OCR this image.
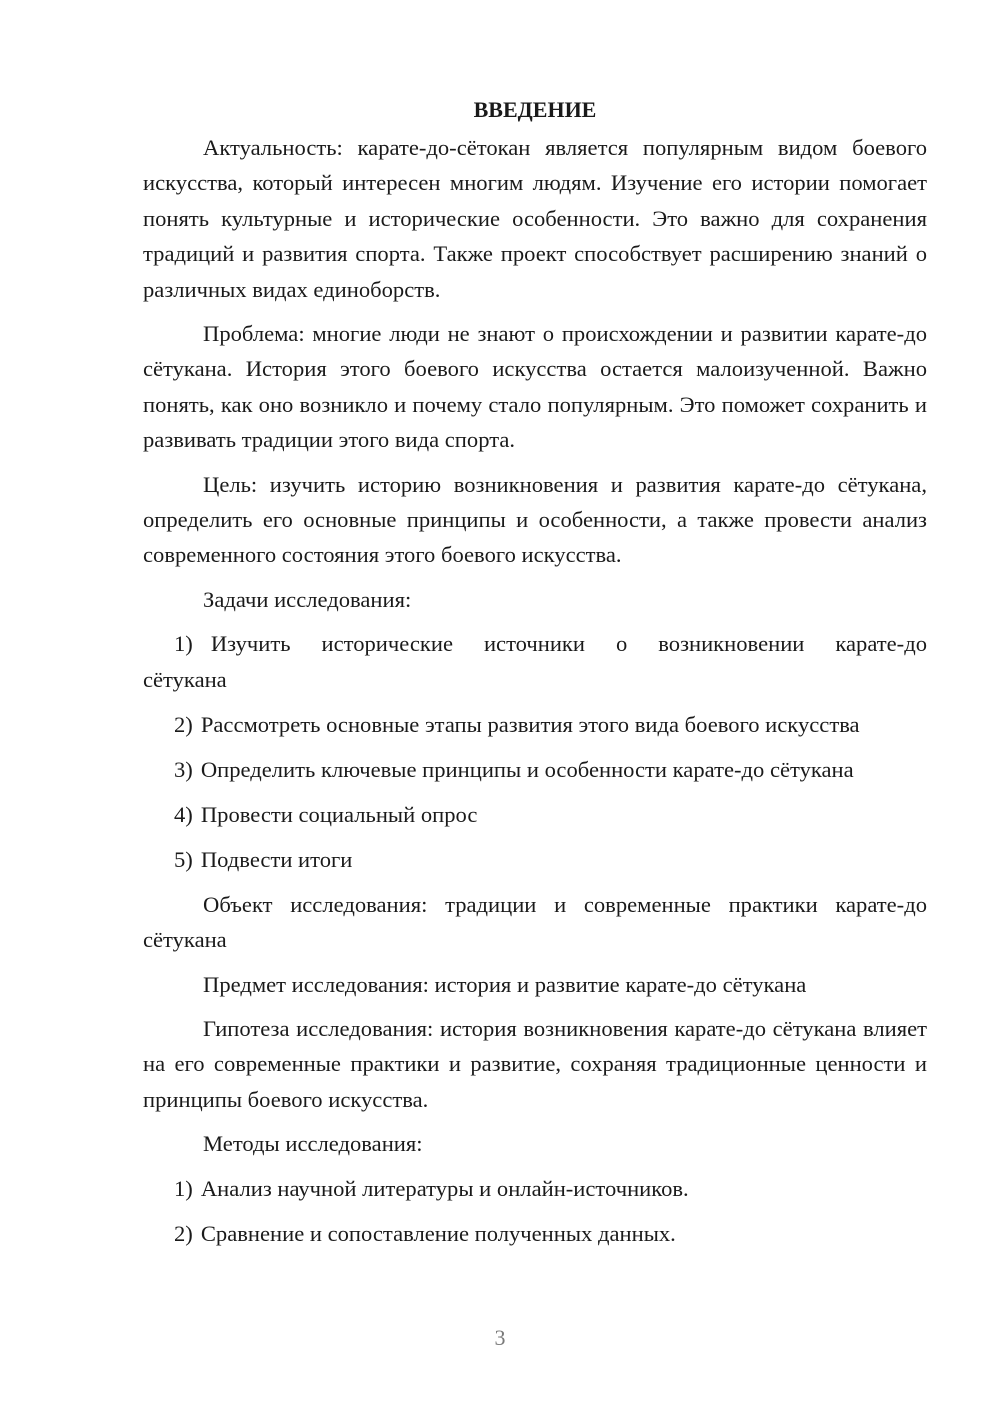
ВВЕДЕНИЕ

Актуальность: карате-до-сётокан является популярным видом боевого искусства, который интересен многим людям. Изучение его истории помогает понять культурные и исторические особенности. Это важно для сохранения традиций и развития спорта. Также проект способствует расширению знаний о различных видах единоборств.

Проблема: многие люди не знают о происхождении и развитии карате-до сётукана. История этого боевого искусства остается малоизученной. Важно понять, как оно возникло и почему стало популярным. Это поможет сохранить и развивать традиции этого вида спорта.

Цель: изучить историю возникновения и развития карате-до сётукана, определить его основные принципы и особенности, а также провести анализ современного состояния этого боевого искусства.

Задачи исследования:

1) Изучить исторические источники о возникновении карате-до сётукана
2) Рассмотреть основные этапы развития этого вида боевого искусства
3) Определить ключевые принципы и особенности карате-до сётукана
4) Провести социальный опрос
5) Подвести итоги

Объект исследования: традиции и современные практики карате-до сётукана

Предмет исследования: история и развитие карате-до сётукана

Гипотеза исследования: история возникновения карате-до сётукана влияет на его современные практики и развитие, сохраняя традиционные ценности и принципы боевого искусства.

Методы исследования:

1) Анализ научной литературы и онлайн-источников.
2) Сравнение и сопоставление полученных данных.
3
